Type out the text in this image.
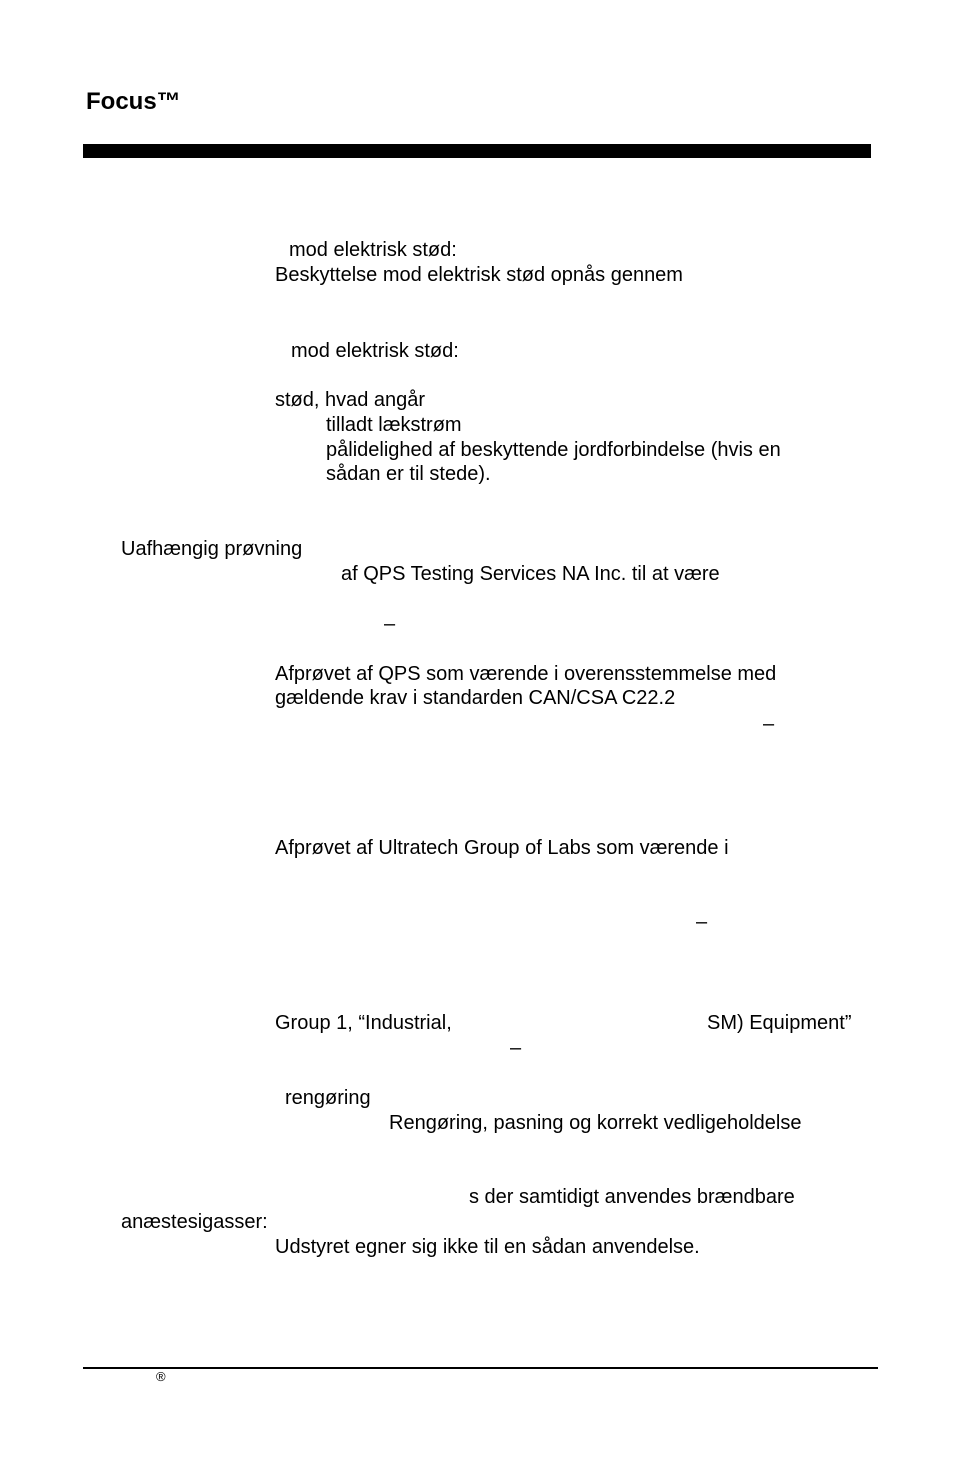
Focus™
mod elektrisk stød:
Beskyttelse mod elektrisk stød opnås gennem
mod elektrisk stød:
stød, hvad angår
tilladt lækstrøm
pålidelighed af beskyttende jordforbindelse (hvis en
sådan er til stede).
Uafhængig prøvning
af QPS Testing Services NA Inc. til at være
–
Afprøvet af QPS som værende i overensstemmelse med
gældende krav i standarden CAN/CSA C22.2
–
Afprøvet af Ultratech Group of Labs som værende i
–
Group 1, “Industrial,	SM) Equipment”
–
rengøring
Rengøring, pasning og korrekt vedligeholdelse
s der samtidigt anvendes brændbare
anæstesigasser:
Udstyret egner sig ikke til en sådan anvendelse.
®
